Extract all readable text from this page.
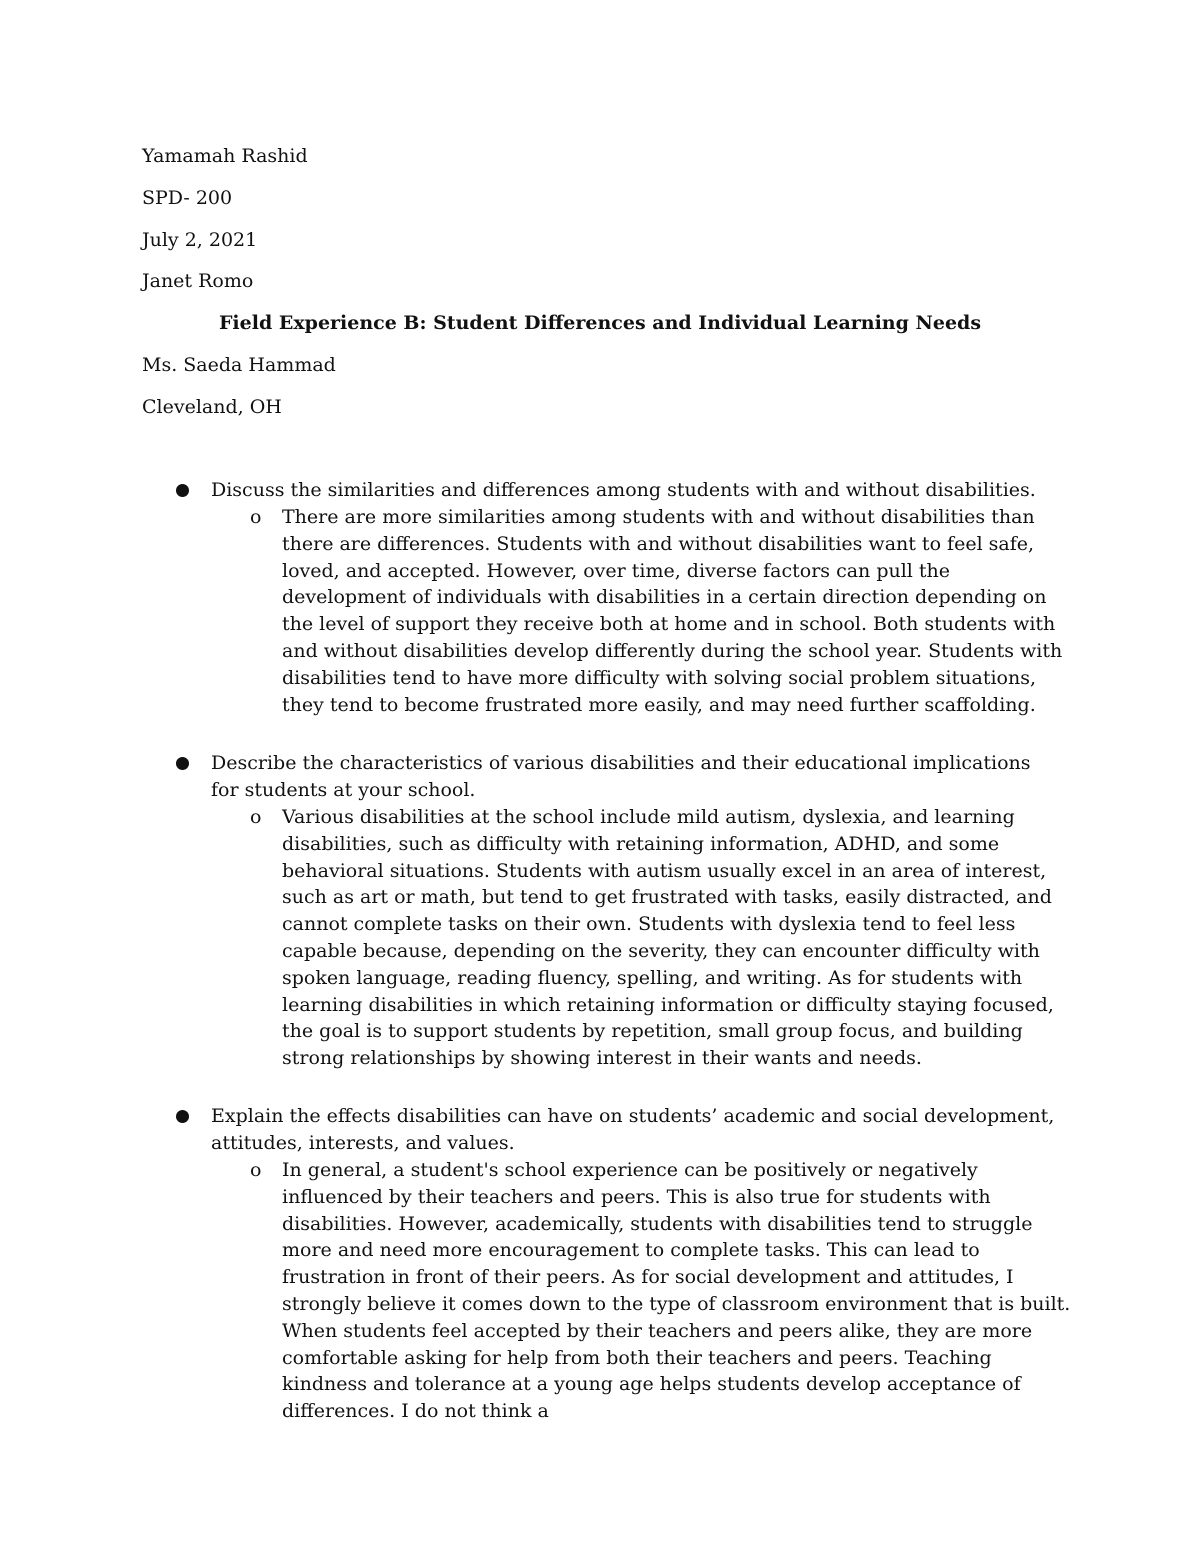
Yamamah Rashid
SPD- 200
July 2, 2021
Janet Romo
Field Experience B: Student Differences and Individual Learning Needs
Ms. Saeda Hammad
Cleveland, OH
Discuss the similarities and differences among students with and without disabilities.
o There are more similarities among students with and without disabilities than there are differences. Students with and without disabilities want to feel safe, loved, and accepted. However, over time, diverse factors can pull the development of individuals with disabilities in a certain direction depending on the level of support they receive both at home and in school. Both students with and without disabilities develop differently during the school year. Students with disabilities tend to have more difficulty with solving social problem situations, they tend to become frustrated more easily, and may need further scaffolding.
Describe the characteristics of various disabilities and their educational implications for students at your school.
o Various disabilities at the school include mild autism, dyslexia, and learning disabilities, such as difficulty with retaining information, ADHD, and some behavioral situations. Students with autism usually excel in an area of interest, such as art or math, but tend to get frustrated with tasks, easily distracted, and cannot complete tasks on their own. Students with dyslexia tend to feel less capable because, depending on the severity, they can encounter difficulty with spoken language, reading fluency, spelling, and writing. As for students with learning disabilities in which retaining information or difficulty staying focused, the goal is to support students by repetition, small group focus, and building strong relationships by showing interest in their wants and needs.
Explain the effects disabilities can have on students’ academic and social development, attitudes, interests, and values.
o In general, a student's school experience can be positively or negatively influenced by their teachers and peers. This is also true for students with disabilities. However, academically, students with disabilities tend to struggle more and need more encouragement to complete tasks. This can lead to frustration in front of their peers. As for social development and attitudes, I strongly believe it comes down to the type of classroom environment that is built. When students feel accepted by their teachers and peers alike, they are more comfortable asking for help from both their teachers and peers. Teaching kindness and tolerance at a young age helps students develop acceptance of differences. I do not think a
